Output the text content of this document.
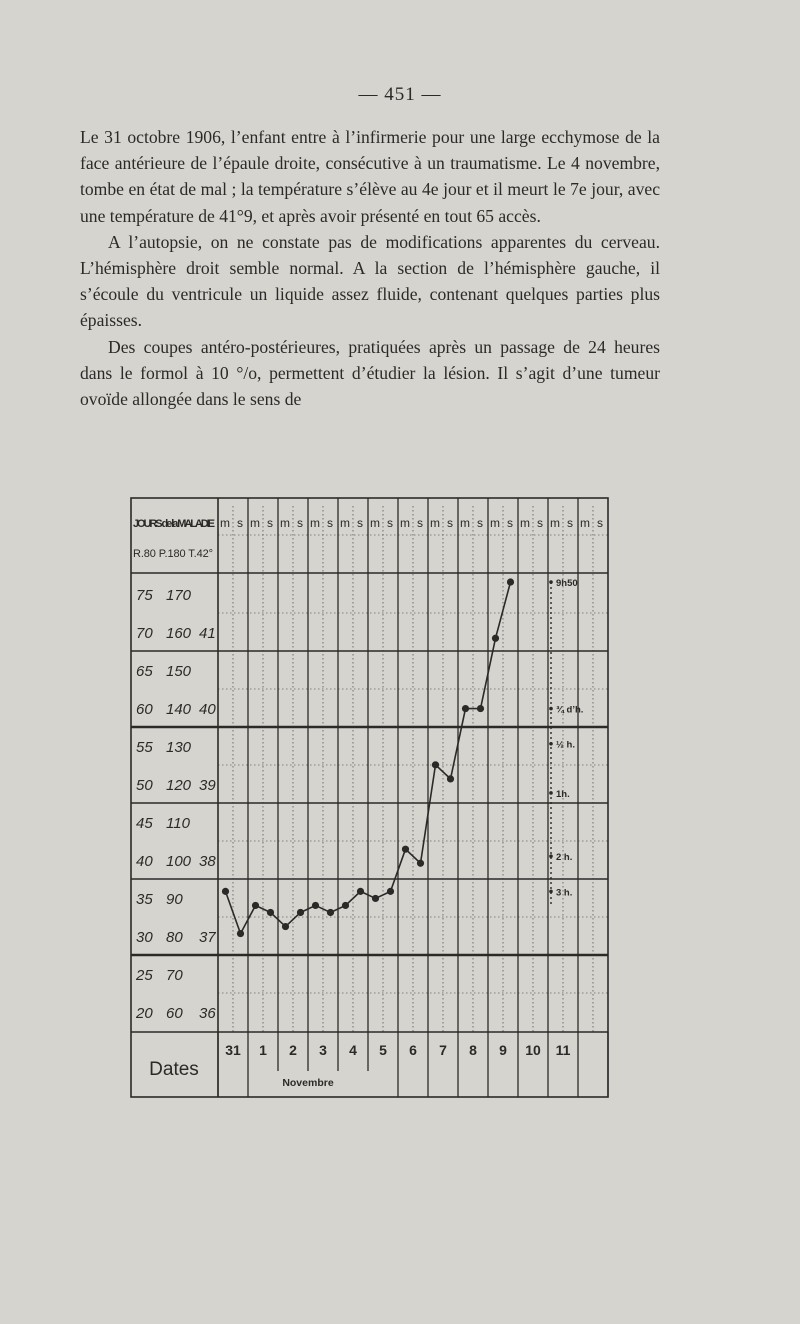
— 451 —

Le 31 octobre 1906, l’enfant entre à l’infirmerie pour une large ecchymose de la face antérieure de l’épaule droite, consécutive à un traumatisme. Le 4 novembre, tombe en état de mal ; la température s’élève au 4e jour et il meurt le 7e jour, avec une température de 41°9, et après avoir présenté en tout 65 accès.

A l’autopsie, on ne constate pas de modifications apparentes du cerveau. L’hémisphère droit semble normal. A la section de l’hémisphère gauche, il s’écoule du ventricule un liquide assez fluide, contenant quelques parties plus épaisses.

Des coupes antéro-postérieures, pratiquées après un passage de 24 heures dans le formol à 10 °/o, permettent d’étudier la lésion. Il s’agit d’une tumeur ovoïde allongée dans le sens de

75 170
70 160 41
65 150
60 140 40
55 130
50 120 39
45 110
40 100 38
35 90
30 80 37
25 70
20 60 36
m s m s m s m s m s m s m s m s m s m s m s m s m s
JOURS de la MALADIE
R.80 P.180 T.42°
31 1 2 3 4 5 6 7 8 9 10 11
Novembre
Dates
9h50
¾ d’h.
½ h.
1h.
2 h.
3 h.
